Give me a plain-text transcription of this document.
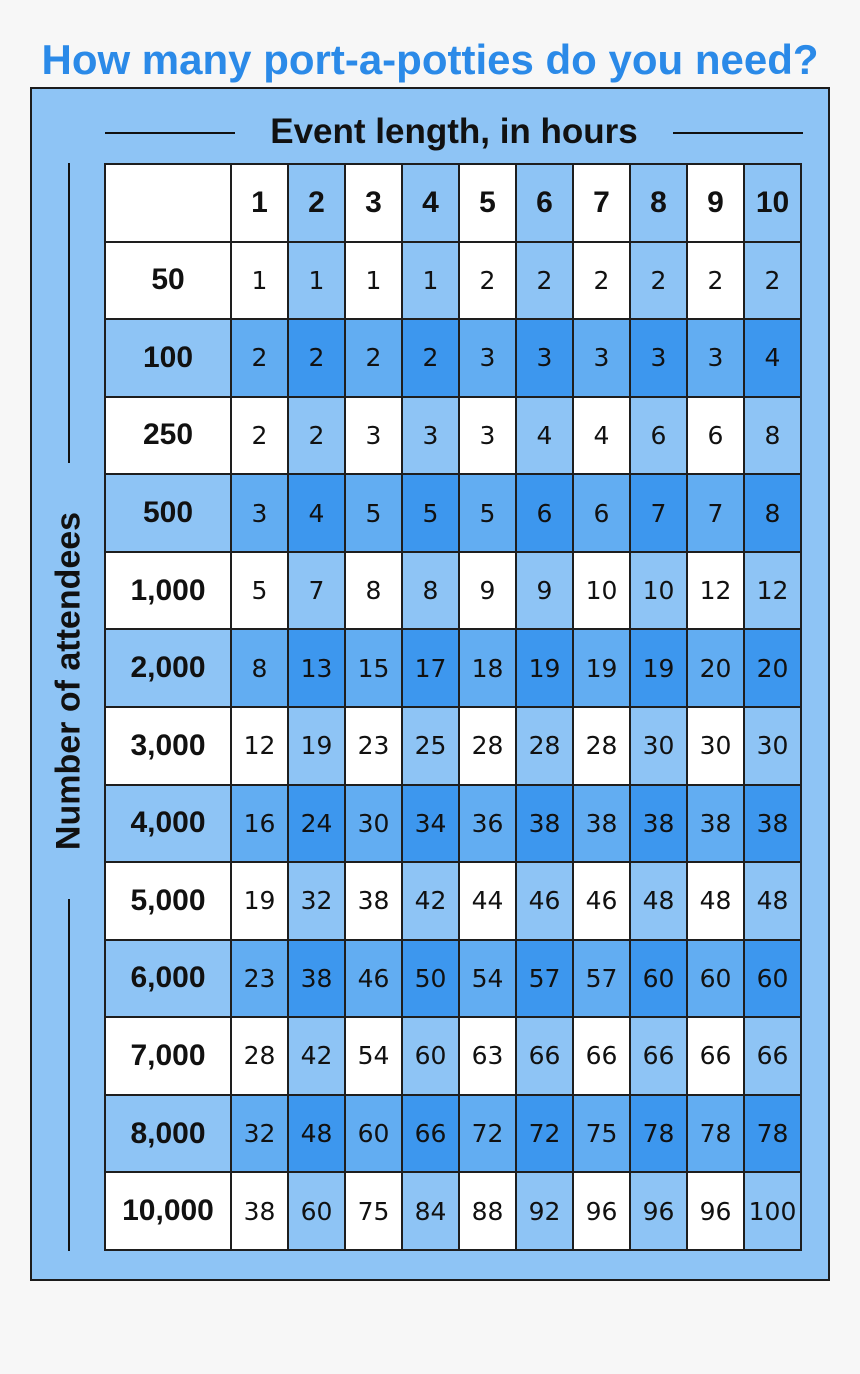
How many port-a-potties do you need?
Event length, in hours
Number of attendees
	1	2	3	4	5	6	7	8	9	10
50	1	1	1	1	2	2	2	2	2	2
100	2	2	2	2	3	3	3	3	3	4
250	2	2	3	3	3	4	4	6	6	8
500	3	4	5	5	5	6	6	7	7	8
1,000	5	7	8	8	9	9	10	10	12	12
2,000	8	13	15	17	18	19	19	19	20	20
3,000	12	19	23	25	28	28	28	30	30	30
4,000	16	24	30	34	36	38	38	38	38	38
5,000	19	32	38	42	44	46	46	48	48	48
6,000	23	38	46	50	54	57	57	60	60	60
7,000	28	42	54	60	63	66	66	66	66	66
8,000	32	48	60	66	72	72	75	78	78	78
10,000	38	60	75	84	88	92	96	96	96	100
